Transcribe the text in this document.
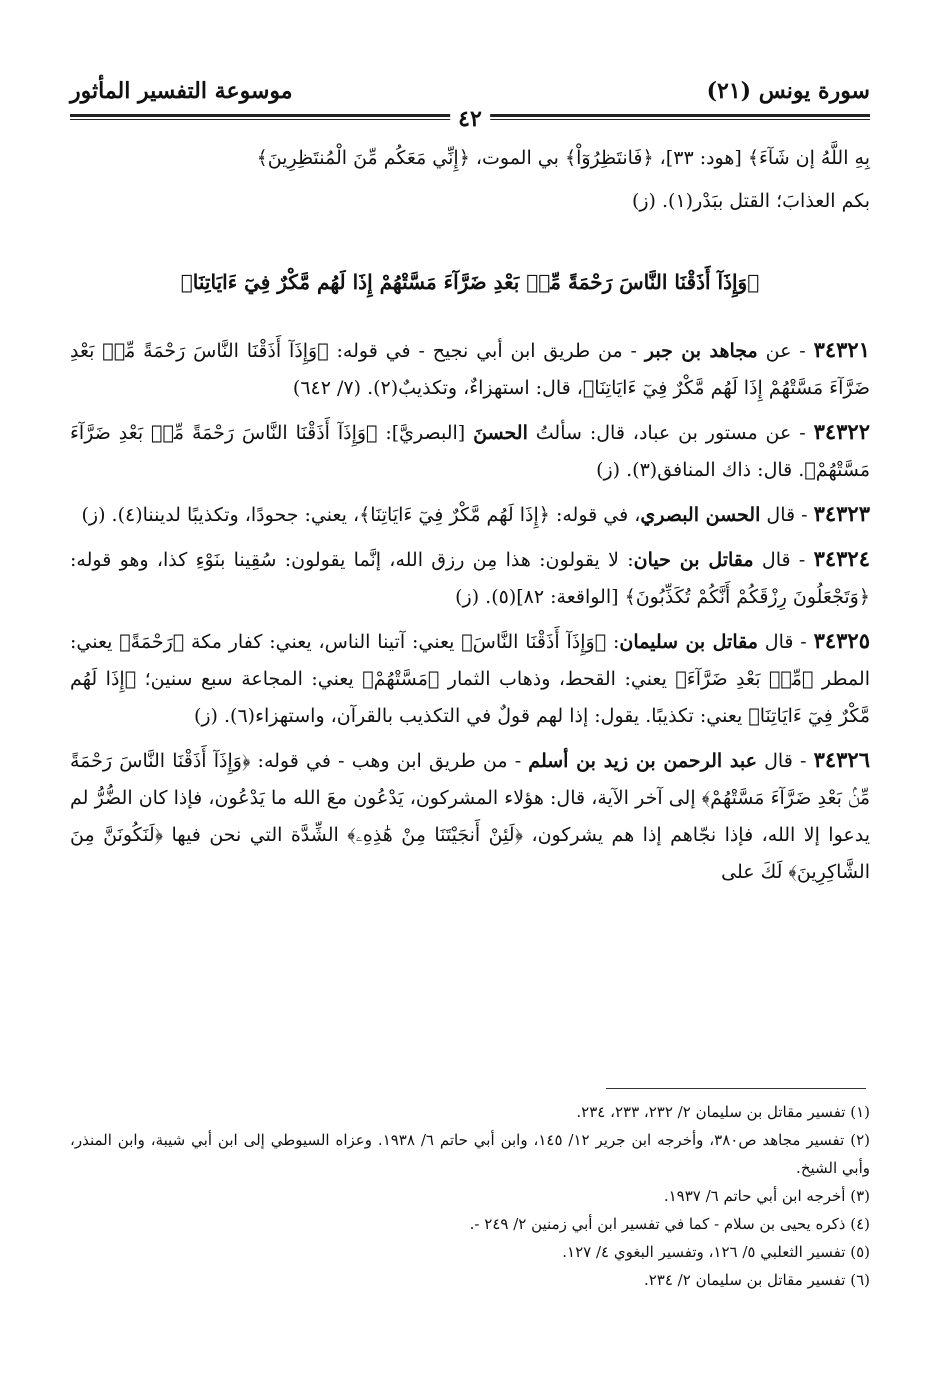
سورة يونس (٢١)
موسوعة التفسير المأثور
٤٢

بِهِ اللَّهُ إن شَآءَ﴾ [هود: ٣٣]، ﴿فَانتَظِرُوٓاْ﴾ بي الموت، ﴿إِنِّي مَعَكُم مِّنَ الْمُنتَظِرِينَ﴾

بكم العذابَ؛ القتل ببَدْر(١). (ز)

﴿وَإِذَآ أَذَقْنَا النَّاسَ رَحْمَةً مِّنۢ بَعْدِ ضَرَّآءَ مَسَّتْهُمْ إِذَا لَهُم مَّكْرٌ فِيٓ ءَايَاتِنَا﴾

٣٤٣٢١ - عن مجاهد بن جبر - من طريق ابن أبي نجيح - في قوله: ﴿وَإِذَآ أَذَقْنَا النَّاسَ رَحْمَةً مِّنۢ بَعْدِ ضَرَّآءَ مَسَّتْهُمْ إِذَا لَهُم مَّكْرٌ فِيٓ ءَايَاتِنَا﴾، قال: استهزاءٌ، وتكذيبٌ(٢). (٧/ ٦٤٢)

٣٤٣٢٢ - عن مستور بن عباد، قال: سألتُ الحسنَ [البصريَّ]: ﴿وَإِذَآ أَذَقْنَا النَّاسَ رَحْمَةً مِّنۢ بَعْدِ ضَرَّآءَ مَسَّتْهُمْ﴾. قال: ذاك المنافق(٣). (ز)

٣٤٣٢٣ - قال الحسن البصري، في قوله: ﴿إِذَا لَهُم مَّكْرٌ فِيٓ ءَايَاتِنَا﴾، يعني: جحودًا، وتكذيبًا لديننا(٤). (ز)

٣٤٣٢٤ - قال مقاتل بن حيان: لا يقولون: هذا مِن رزق الله، إنَّما يقولون: سُقِينا بنَوْءِ كذا، وهو قوله: ﴿وَتَجْعَلُونَ رِزْقَكُمْ أَنَّكُمْ تُكَذِّبُونَ﴾ [الواقعة: ٨٢](٥). (ز)

٣٤٣٢٥ - قال مقاتل بن سليمان: ﴿وَإِذَآ أَذَقْنَا النَّاسَ﴾ يعني: آتينا الناس، يعني: كفار مكة ﴿رَحْمَةً﴾ يعني: المطر ﴿مِّنۢ بَعْدِ ضَرَّآءَ﴾ يعني: القحط، وذهاب الثمار ﴿مَسَّتْهُمْ﴾ يعني: المجاعة سبع سنين؛ ﴿إِذَا لَهُم مَّكْرٌ فِيٓ ءَايَاتِنَا﴾ يعني: تكذيبًا. يقول: إذا لهم قولٌ في التكذيب بالقرآن، واستهزاء(٦). (ز)

٣٤٣٢٦ - قال عبد الرحمن بن زيد بن أسلم - من طريق ابن وهب - في قوله: ﴿وَإِذَآ أَذَقْنَا النَّاسَ رَحْمَةً مِّنۢ بَعْدِ ضَرَّآءَ مَسَّتْهُمْ﴾ إلى آخر الآية، قال: هؤلاء المشركون، يَدْعُون معَ الله ما يَدْعُون، فإذا كان الضُّرُّ لم يدعوا إلا الله، فإذا نجّاهم إذا هم يشركون، ﴿لَئِنْ أَنجَيْتَنَا مِنْ هَٰذِهِۦ﴾ الشِّدَّة التي نحن فيها ﴿لَنَكُونَنَّ مِنَ الشَّاكِرِينَ﴾ لَكَ على

(١) تفسير مقاتل بن سليمان ٢/ ٢٣٢، ٢٣٣، ٢٣٤.

(٢) تفسير مجاهد ص٣٨٠، وأخرجه ابن جرير ١٢/ ١٤٥، وابن أبي حاتم ٦/ ١٩٣٨. وعزاه السيوطي إلى ابن أبي شيبة، وابن المنذر، وأبي الشيخ.

(٣) أخرجه ابن أبي حاتم ٦/ ١٩٣٧.

(٤) ذكره يحيى بن سلام - كما في تفسير ابن أبي زمنين ٢/ ٢٤٩ -.

(٥) تفسير الثعلبي ٥/ ١٢٦، وتفسير البغوي ٤/ ١٢٧.

(٦) تفسير مقاتل بن سليمان ٢/ ٢٣٤.
